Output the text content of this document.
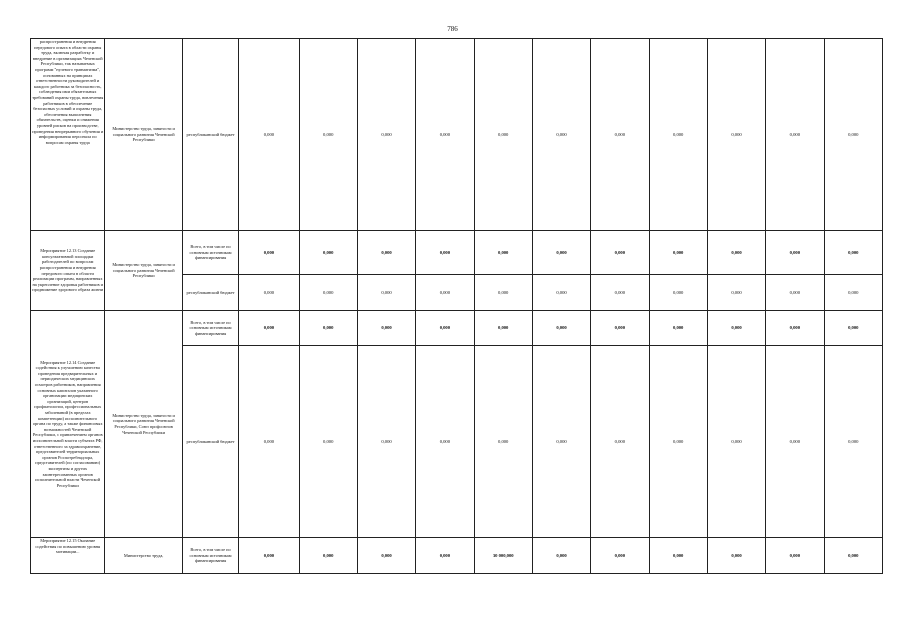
786
распространения и внедрения передового опыта в области охраны труда, включая разработку и внедрение в организациях Чеченской Республики, так называемых программ "нулевого травматизма", основанных на принципах ответственности руководителей и каждого работника за безопасность, соблюдения ими обязательных требований охраны труда, вовлечения работников в обеспечение безопасных условий и охраны труда, обеспечения выполнения обязательств, оценки и снижения уровней рисков на производстве, проведения непрерывного обучения и информирования персонала по вопросам охраны труда	Министерство труда, занятости и социального развития Чеченской Республики	республиканский бюджет	0,000	0,000	0,000	0,000	0,000	0,000	0,000	0,000	0,000	0,000	0,000
Мероприятие 12.13 Создание консультативной площадки работодателей по вопросам распространения и внедрения передового опыта в области реализации программ, направленных на укрепление здоровья работников и продвижение здорового образа жизни	Министерство труда, занятости и социального развития Чеченской Республики	Всего, в том числе по основным источникам финансирования	0,000	0,000	0,000	0,000	0,000	0,000	0,000	0,000	0,000	0,000	0,000
		республиканский бюджет	0,000	0,000	0,000	0,000	0,000	0,000	0,000	0,000	0,000	0,000	0,000
Мероприятие 12.14 Создание содействия к улучшению качества проведения предварительных и периодических медицинских осмотров работников, направления основных капиталов указанного организации медицинских организаций, центров профпатологии, профессиональных заболеваний (в пределах компетенции) исполнительного органа по труду, а также финансовых возможностей Чеченской Республики, с привлечением органов исполнительной власти субъекта РФ, ответственного за здравоохранение, представителей территориальных органов Роспотребнадзора, представителей (по согласованию) экспертизы и других заинтересованных органов исполнительной власти Чеченской Республики	Министерство труда, занятости и социального развития Чеченской Республики, Союз профсоюзов Чеченской Республики	Всего, в том числе по основным источникам финансирования	0,000	0,000	0,000	0,000	0,000	0,000	0,000	0,000	0,000	0,000	0,000
		республиканский бюджет	0,000	0,000	0,000	0,000	0,000	0,000	0,000	0,000	0,000	0,000	0,000
Мероприятие 12.15 Оказание содействия по повышению уровня мотивации...	Министерство труда,	Всего, в том числе по основным источникам финансирования	0,000	0,000	0,000	0,000	30 000,000	0,000	0,000	0,000	0,000	0,000	0,000
